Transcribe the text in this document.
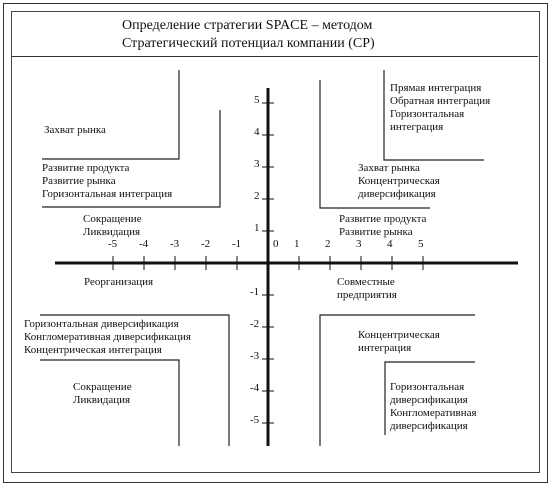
Определение стратегии SPACE – методом
Стратегический потенциал компании (СР)
-5 -4 -3 -2 -1	0 1 2 3 4 5
5
4
3
2
1
-1
-2
-3
-4
-5
Захват рынка
Развитие продукта
Развитие рынка
Горизонтальная интеграция
Сокращение
Ликвидация
Прямая интеграция
Обратная интеграция
Горизонтальная
интеграция
Захват рынка
Концентрическая
диверсификация
Развитие продукта
Развитие рынка
Реорганизация
Горизонтальная диверсификация
Конгломеративная диверсификация
Концентрическая интеграция
Сокращение
Ликвидация
Совместные
предприятия
Концентрическая
интеграция
Горизонтальная
диверсификация
Конгломеративная
диверсификация
